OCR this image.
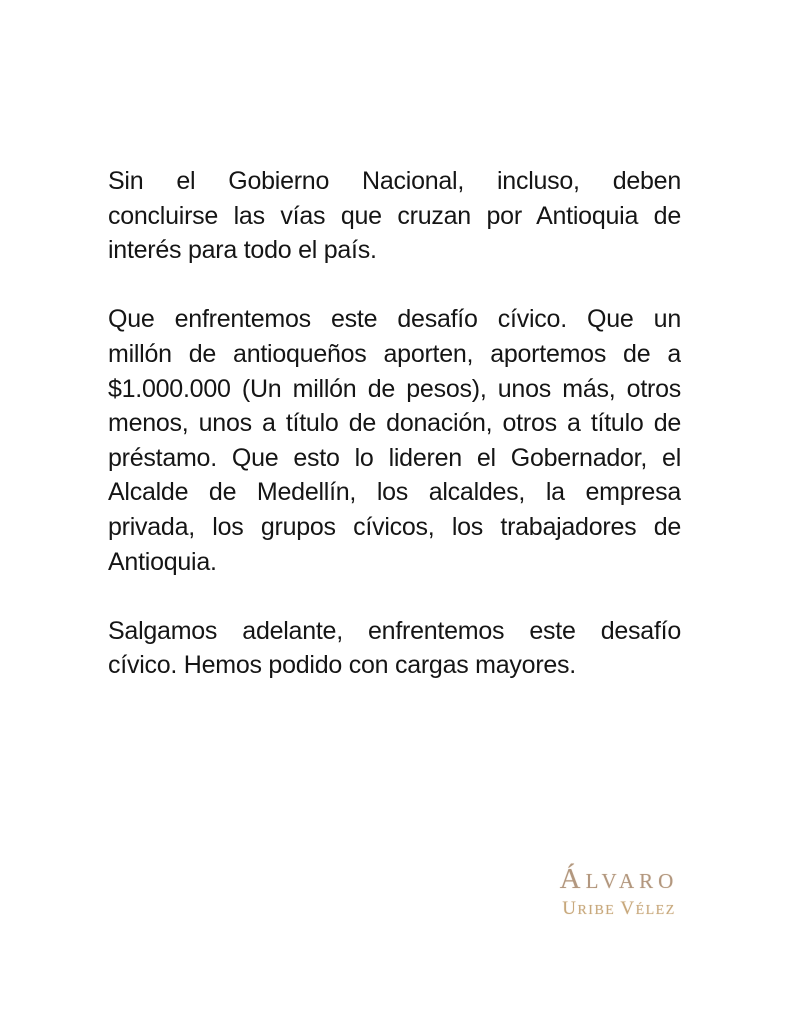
Sin el Gobierno Nacional, incluso, deben
concluirse las vías que cruzan por Antioquia de
interés para todo el país.
Que enfrentemos este desafío cívico. Que un
millón de antioqueños aporten, aportemos de a
$1.000.000 (Un millón de pesos), unos más, otros
menos, unos a título de donación, otros a título de
préstamo. Que esto lo lideren el Gobernador, el
Alcalde de Medellín, los alcaldes, la empresa
privada, los grupos cívicos, los trabajadores de
Antioquia.
Salgamos adelante, enfrentemos este desafío
cívico. Hemos podido con cargas mayores.
ÁLVARO
URIBE VÉLEZ
